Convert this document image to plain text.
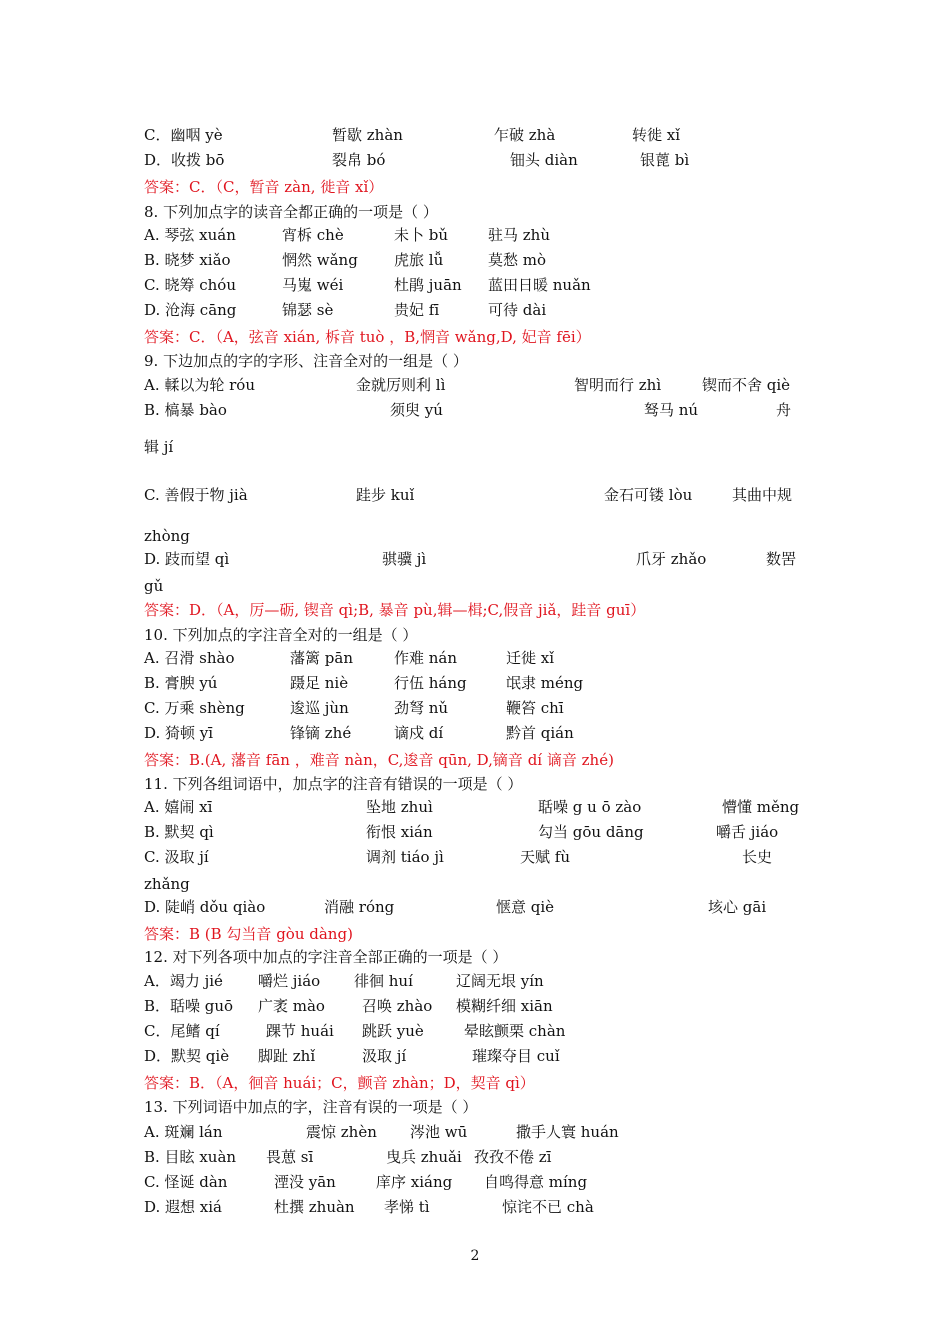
C．幽咽 yè	暂歇 zhàn	乍破 zhà	转徙 xǐ
D．收拨 bō	裂帛 bó	钿头 diàn	银蓖 bì
答案：C．（C，暂音 zàn, 徙音 xǐ）
8. 下列加点字的读音全都正确的一项是（ ）
A. 琴弦 xuán	宵柝 chè	未卜 bǔ	驻马 zhù
B. 晓梦 xiǎo	惘然 wǎng 虎旅 lǚ	莫愁 mò
C. 晓筹 chóu	马嵬 wéi	杜鹃 juān 蓝田日暖 nuǎn
D. 沧海 cāng	锦瑟 sè	贵妃 fī	可待 dài
答案：C．（A，弦音 xián, 柝音 tuò ，B,惘音 wǎng,D, 妃音 fēi）
9. 下边加点的字的字形、注音全对的一组是（ ）
A. 輮以为轮 róu	金就厉则利 lì	智明而行 zhì	锲而不舍 qiè
B. 槁暴 bào	须臾 yú	驽马 nú	舟
辑 jí
C. 善假于物 jià	跬步 kuǐ	金石可镂 lòu	其曲中规
zhòng
D. 跂而望 qì	骐骥 jì	爪牙 zhǎo	数罟
gǔ
答案：D．（A，厉—砺, 锲音 qì;B, 暴音 pù,辑—楫;C,假音 jiǎ，跬音 guī）
10. 下列加点的字注音全对的一组是（ ）
A. 召滑 shào	藩篱 pān	作难 nán	迁徙 xǐ
B. 膏腴 yú	蹑足 niè	行伍 háng	氓隶 méng
C. 万乘 shèng	逡巡 jùn	劲弩 nǔ	鞭笞 chī
D. 猗顿 yī	锋镝 zhé	谪戍 dí	黔首 qián
答案：B.(A, 藩音 fān ，难音 nàn，C,逡音 qūn, D,镝音 dí 谪音 zhé)
11. 下列各组词语中，加点字的注音有错误的一项是（ ）
A. 嬉闹 xī	坠地 zhuì	聒噪 g u ō zào	懵懂 měng
B. 默契 qì	衔恨 xián	勾当 gōu dāng	嚼舌 jiáo
C. 汲取 jí	调剂 tiáo jì	天赋 fù	长史
zhǎng
D. 陡峭 dǒu qiào	消融 róng	惬意 qiè	垓心 gāi
答案：B (B 勾当音 gòu dàng)
12. 对下列各项中加点的字注音全部正确的一项是（ ）
A．竭力 jié 嚼烂 jiáo 徘徊 huí	辽阔无垠 yín
B．聒噪 guō 广袤 mào 召唤 zhào 模糊纤细 xiān
C．尾鳍 qí	踝节 huái 跳跃 yuè	晕眩颤栗 chàn
D．默契 qiè 脚趾 zhǐ	汲取 jí	璀璨夺目 cuǐ
答案：B．（A，徊音 huái；C，颤音 zhàn；D，契音 qì）
13. 下列词语中加点的字，注音有误的一项是（ ）
A. 斑斓 lán	震惊 zhèn 涔池 wū	撒手人寰 huán
B. 目眩 xuàn 畏葸 sī	曳兵 zhuǎi 孜孜不倦 zī
C. 怪诞 dàn	湮没 yān	庠序 xiáng 自鸣得意 míng
D. 遐想 xiá	杜撰 zhuàn 孝悌 tì	惊诧不已 chà
2
